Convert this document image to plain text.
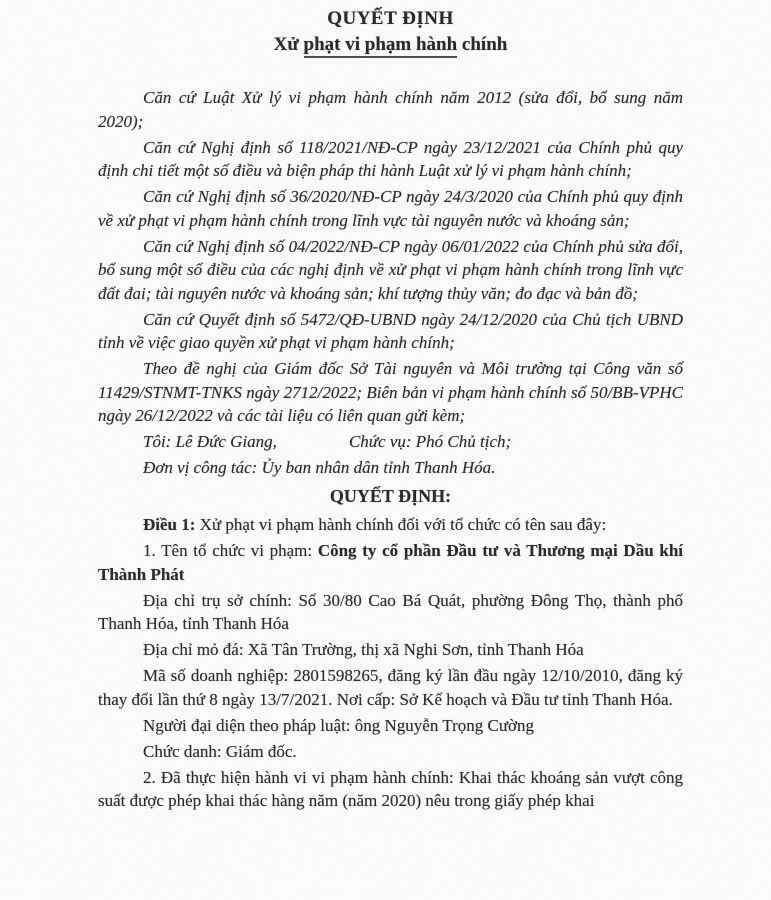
QUYẾT ĐỊNH
Xử phạt vi phạm hành chính

Căn cứ Luật Xử lý vi phạm hành chính năm 2012 (sửa đổi, bổ sung năm 2020);

Căn cứ Nghị định số 118/2021/NĐ-CP ngày 23/12/2021 của Chính phủ quy định chi tiết một số điều và biện pháp thi hành Luật xử lý vi phạm hành chính;

Căn cứ Nghị định số 36/2020/NĐ-CP ngày 24/3/2020 của Chính phủ quy định về xử phạt vi phạm hành chính trong lĩnh vực tài nguyên nước và khoáng sản;

Căn cứ Nghị định số 04/2022/NĐ-CP ngày 06/01/2022 của Chính phủ sửa đổi, bổ sung một số điều của các nghị định về xử phạt vi phạm hành chính trong lĩnh vực đất đai; tài nguyên nước và khoáng sản; khí tượng thủy văn; đo đạc và bản đồ;

Căn cứ Quyết định số 5472/QĐ-UBND ngày 24/12/2020 của Chủ tịch UBND tỉnh về việc giao quyền xử phạt vi phạm hành chính;

Theo đề nghị của Giám đốc Sở Tài nguyên và Môi trường tại Công văn số 11429/STNMT-TNKS ngày 2712/2022; Biên bản vi phạm hành chính số 50/BB-VPHC ngày 26/12/2022 và các tài liệu có liên quan gửi kèm;

Tôi: Lê Đức Giang,	Chức vụ: Phó Chủ tịch;

Đơn vị công tác: Ủy ban nhân dân tỉnh Thanh Hóa.

QUYẾT ĐỊNH:

Điều 1: Xử phạt vi phạm hành chính đối với tổ chức có tên sau đây:

1. Tên tổ chức vi phạm: Công ty cổ phần Đầu tư và Thương mại Dầu khí Thành Phát

Địa chỉ trụ sở chính: Số 30/80 Cao Bá Quát, phường Đông Thọ, thành phố Thanh Hóa, tỉnh Thanh Hóa

Địa chỉ mỏ đá: Xã Tân Trường, thị xã Nghi Sơn, tỉnh Thanh Hóa

Mã số doanh nghiệp: 2801598265, đăng ký lần đầu ngày 12/10/2010, đăng ký thay đổi lần thứ 8 ngày 13/7/2021. Nơi cấp: Sở Kế hoạch và Đầu tư tỉnh Thanh Hóa.

Người đại diện theo pháp luật: ông Nguyễn Trọng Cường

Chức danh: Giám đốc.

2. Đã thực hiện hành vi vi phạm hành chính: Khai thác khoáng sản vượt công suất được phép khai thác hàng năm (năm 2020) nêu trong giấy phép khai
